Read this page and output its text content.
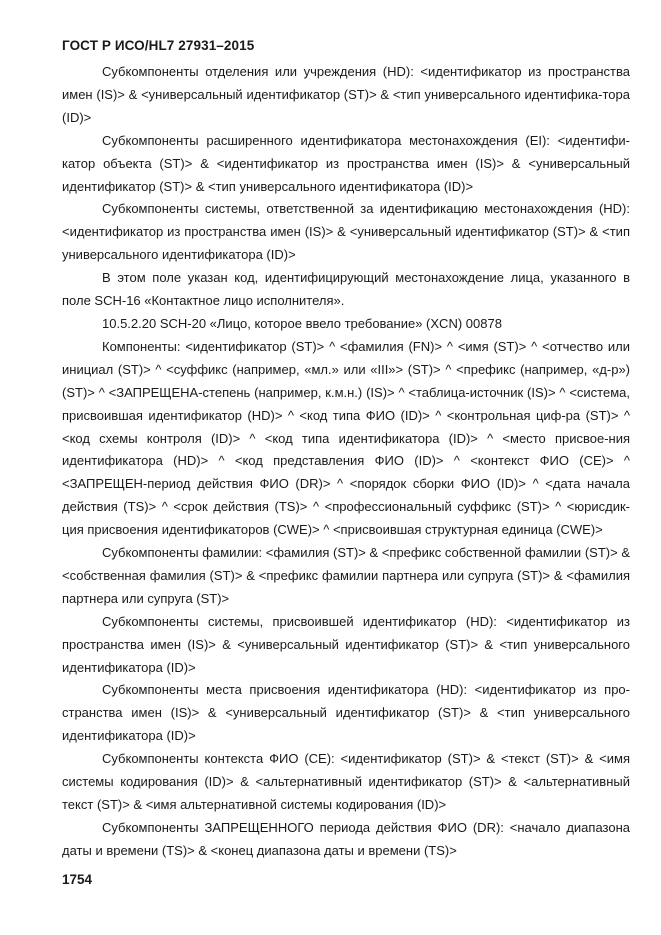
ГОСТ Р ИСО/HL7 27931–2015

Субкомпоненты отделения или учреждения (HD): <идентификатор из пространства имен (IS)> & <универсальный идентификатор (ST)> & <тип универсального идентифика-тора (ID)>

Субкомпоненты расширенного идентификатора местонахождения (EI): <идентифи-катор объекта (ST)> & <идентификатор из пространства имен (IS)> & <универсальный идентификатор (ST)> & <тип универсального идентификатора (ID)>

Субкомпоненты системы, ответственной за идентификацию местонахождения (HD): <идентификатор из пространства имен (IS)> & <универсальный идентификатор (ST)> & <тип универсального идентификатора (ID)>

В этом поле указан код, идентифицирующий местонахождение лица, указанного в поле SCH-16 «Контактное лицо исполнителя».

10.5.2.20 SCH-20 «Лицо, которое ввело требование» (XCN) 00878

Компоненты: <идентификатор (ST)> ^ <фамилия (FN)> ^ <имя (ST)> ^ <отчество или инициал (ST)> ^ <суффикс (например, «мл.» или «III»> (ST)> ^ <префикс (например, «д-р») (ST)> ^ <ЗАПРЕЩЕНА-степень (например, к.м.н.) (IS)> ^ <таблица-источник (IS)> ^ <система, присвоившая идентификатор (HD)> ^ <код типа ФИО (ID)> ^ <контрольная циф-ра (ST)> ^ <код схемы контроля (ID)> ^ <код типа идентификатора (ID)> ^ <место присвое-ния идентификатора (HD)> ^ <код представления ФИО (ID)> ^ <контекст ФИО (CE)> ^ <ЗАПРЕЩЕН-период действия ФИО (DR)> ^ <порядок сборки ФИО (ID)> ^ <дата начала действия (TS)> ^ <срок действия (TS)> ^ <профессиональный суффикс (ST)> ^ <юрисдик-ция присвоения идентификаторов (CWE)> ^ <присвоившая структурная единица (CWE)>

Субкомпоненты фамилии: <фамилия (ST)> & <префикс собственной фамилии (ST)> & <собственная фамилия (ST)> & <префикс фамилии партнера или супруга (ST)> & <фамилия партнера или супруга (ST)>

Субкомпоненты системы, присвоившей идентификатор (HD): <идентификатор из пространства имен (IS)> & <универсальный идентификатор (ST)> & <тип универсального идентификатора (ID)>

Субкомпоненты места присвоения идентификатора (HD): <идентификатор из про-странства имен (IS)> & <универсальный идентификатор (ST)> & <тип универсального идентификатора (ID)>

Субкомпоненты контекста ФИО (CE): <идентификатор (ST)> & <текст (ST)> & <имя системы кодирования (ID)> & <альтернативный идентификатор (ST)> & <альтернативный текст (ST)> & <имя альтернативной системы кодирования (ID)>

Субкомпоненты ЗАПРЕЩЕННОГО периода действия ФИО (DR): <начало диапазона даты и времени (TS)> & <конец диапазона даты и времени (TS)>

1754
